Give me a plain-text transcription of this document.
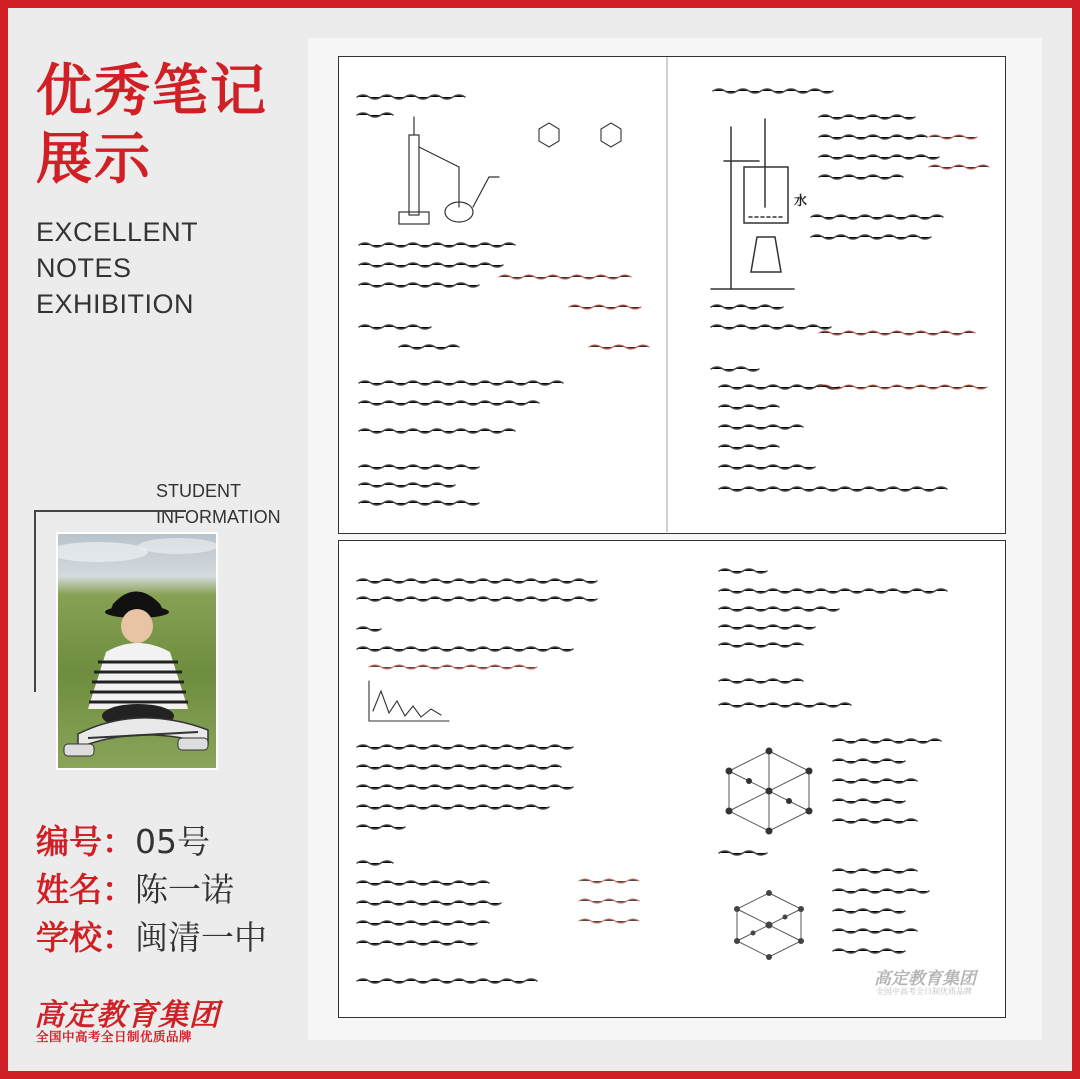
优秀笔记
展示
EXCELLENT
NOTES
EXHIBITION
STUDENT
INFORMATION
编号：05号
姓名：陈一诺
学校：闽清一中
高定教育集团
全国中高考全日制优质品牌
水
高定教育集团
全国中高考全日制优质品牌
